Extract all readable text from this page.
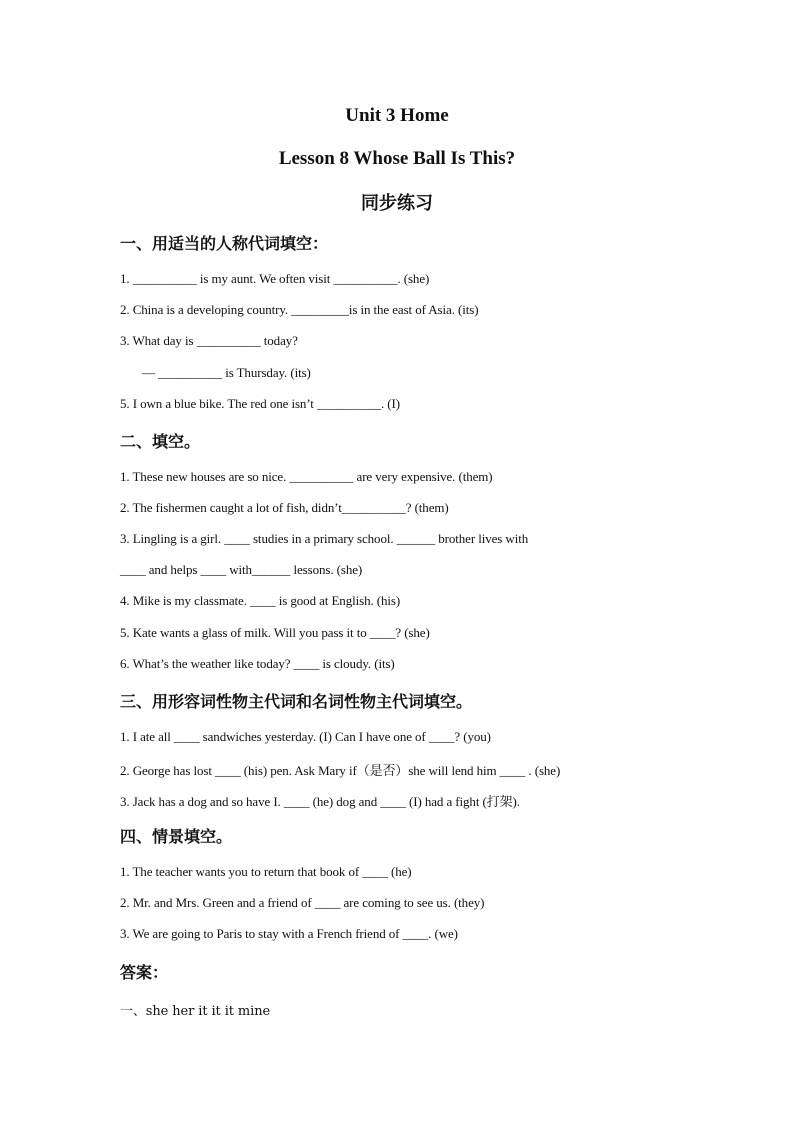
Unit 3 Home
Lesson 8 Whose Ball Is This?
同步练习
一、用适当的人称代词填空：
1. __________ is my aunt. We often visit __________. (she)
2. China is a developing country. _________is in the east of Asia. (its)
3. What day is __________ today?
— __________ is Thursday. (its)
5. I own a blue bike. The red one isn’t __________. (I)
二、填空。
1. These new houses are so nice. __________ are very expensive. (them)
2. The fishermen caught a lot of fish, didn’t__________? (them)
3. Lingling is a girl. ____ studies in a primary school. ______ brother lives with
____ and helps ____ with______ lessons. (she)
4. Mike is my classmate. ____ is good at English. (his)
5. Kate wants a glass of milk. Will you pass it to ____? (she)
6. What’s the weather like today? ____ is cloudy. (its)
三、用形容词性物主代词和名词性物主代词填空。
1. I ate all ____ sandwiches yesterday. (I) Can I have one of ____? (you)
2. George has lost ____ (his) pen. Ask Mary if（是否）she will lend him ____ . (she)
3. Jack has a dog and so have I. ____ (he) dog and ____ (I) had a fight (打架).
四、情景填空。
1. The teacher wants you to return that book of ____ (he)
2. Mr. and Mrs. Green and a friend of ____ are coming to see us. (they)
3. We are going to Paris to stay with a French friend of ____. (we)
答案：
一、she her it it it mine
